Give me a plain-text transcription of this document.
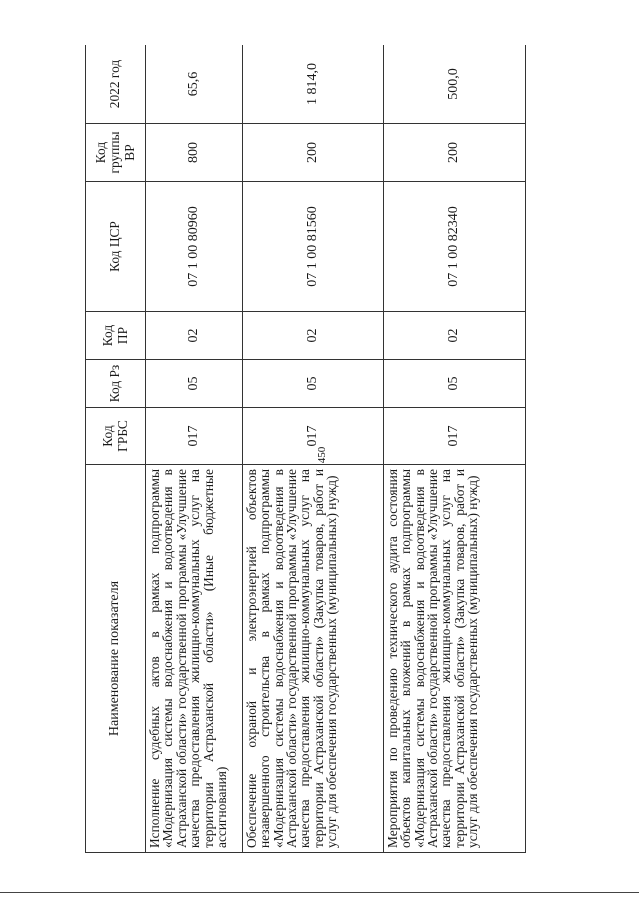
450
Наименование показателя	Код ГРБС	Код Рз	Код ПР	Код ЦСР	Код группы ВР	2022 год
Исполнение судебных актов в рамках подпрограммы «Модернизация системы водоснабжения и водоотведения в Астраханской области» государственной программы «Улучшение качества предоставления жилищно-коммунальных услуг на территории Астраханской области» (Иные бюджетные ассигнования)	017	05	02	07 1 00 80960	800	65,6
Обеспечение охраной и электроэнергией объектов незавершенного строительства в рамках подпрограммы «Модернизация системы водоснабжения и водоотведения в Астраханской области» государственной программы «Улучшение качества предоставления жилищно-коммунальных услуг на территории Астраханской области» (Закупка товаров, работ и услуг для обеспечения государственных (муниципальных) нужд)	017	05	02	07 1 00 81560	200	1 814,0
Мероприятия по проведению технического аудита состояния объектов капитальных вложений в рамках подпрограммы «Модернизация системы водоснабжения и водоотведения в Астраханской области» государственной программы «Улучшение качества предоставления жилищно-коммунальных услуг на территории Астраханской области» (Закупка товаров, работ и услуг для обеспечения государственных (муниципальных) нужд)	017	05	02	07 1 00 82340	200	500,0
